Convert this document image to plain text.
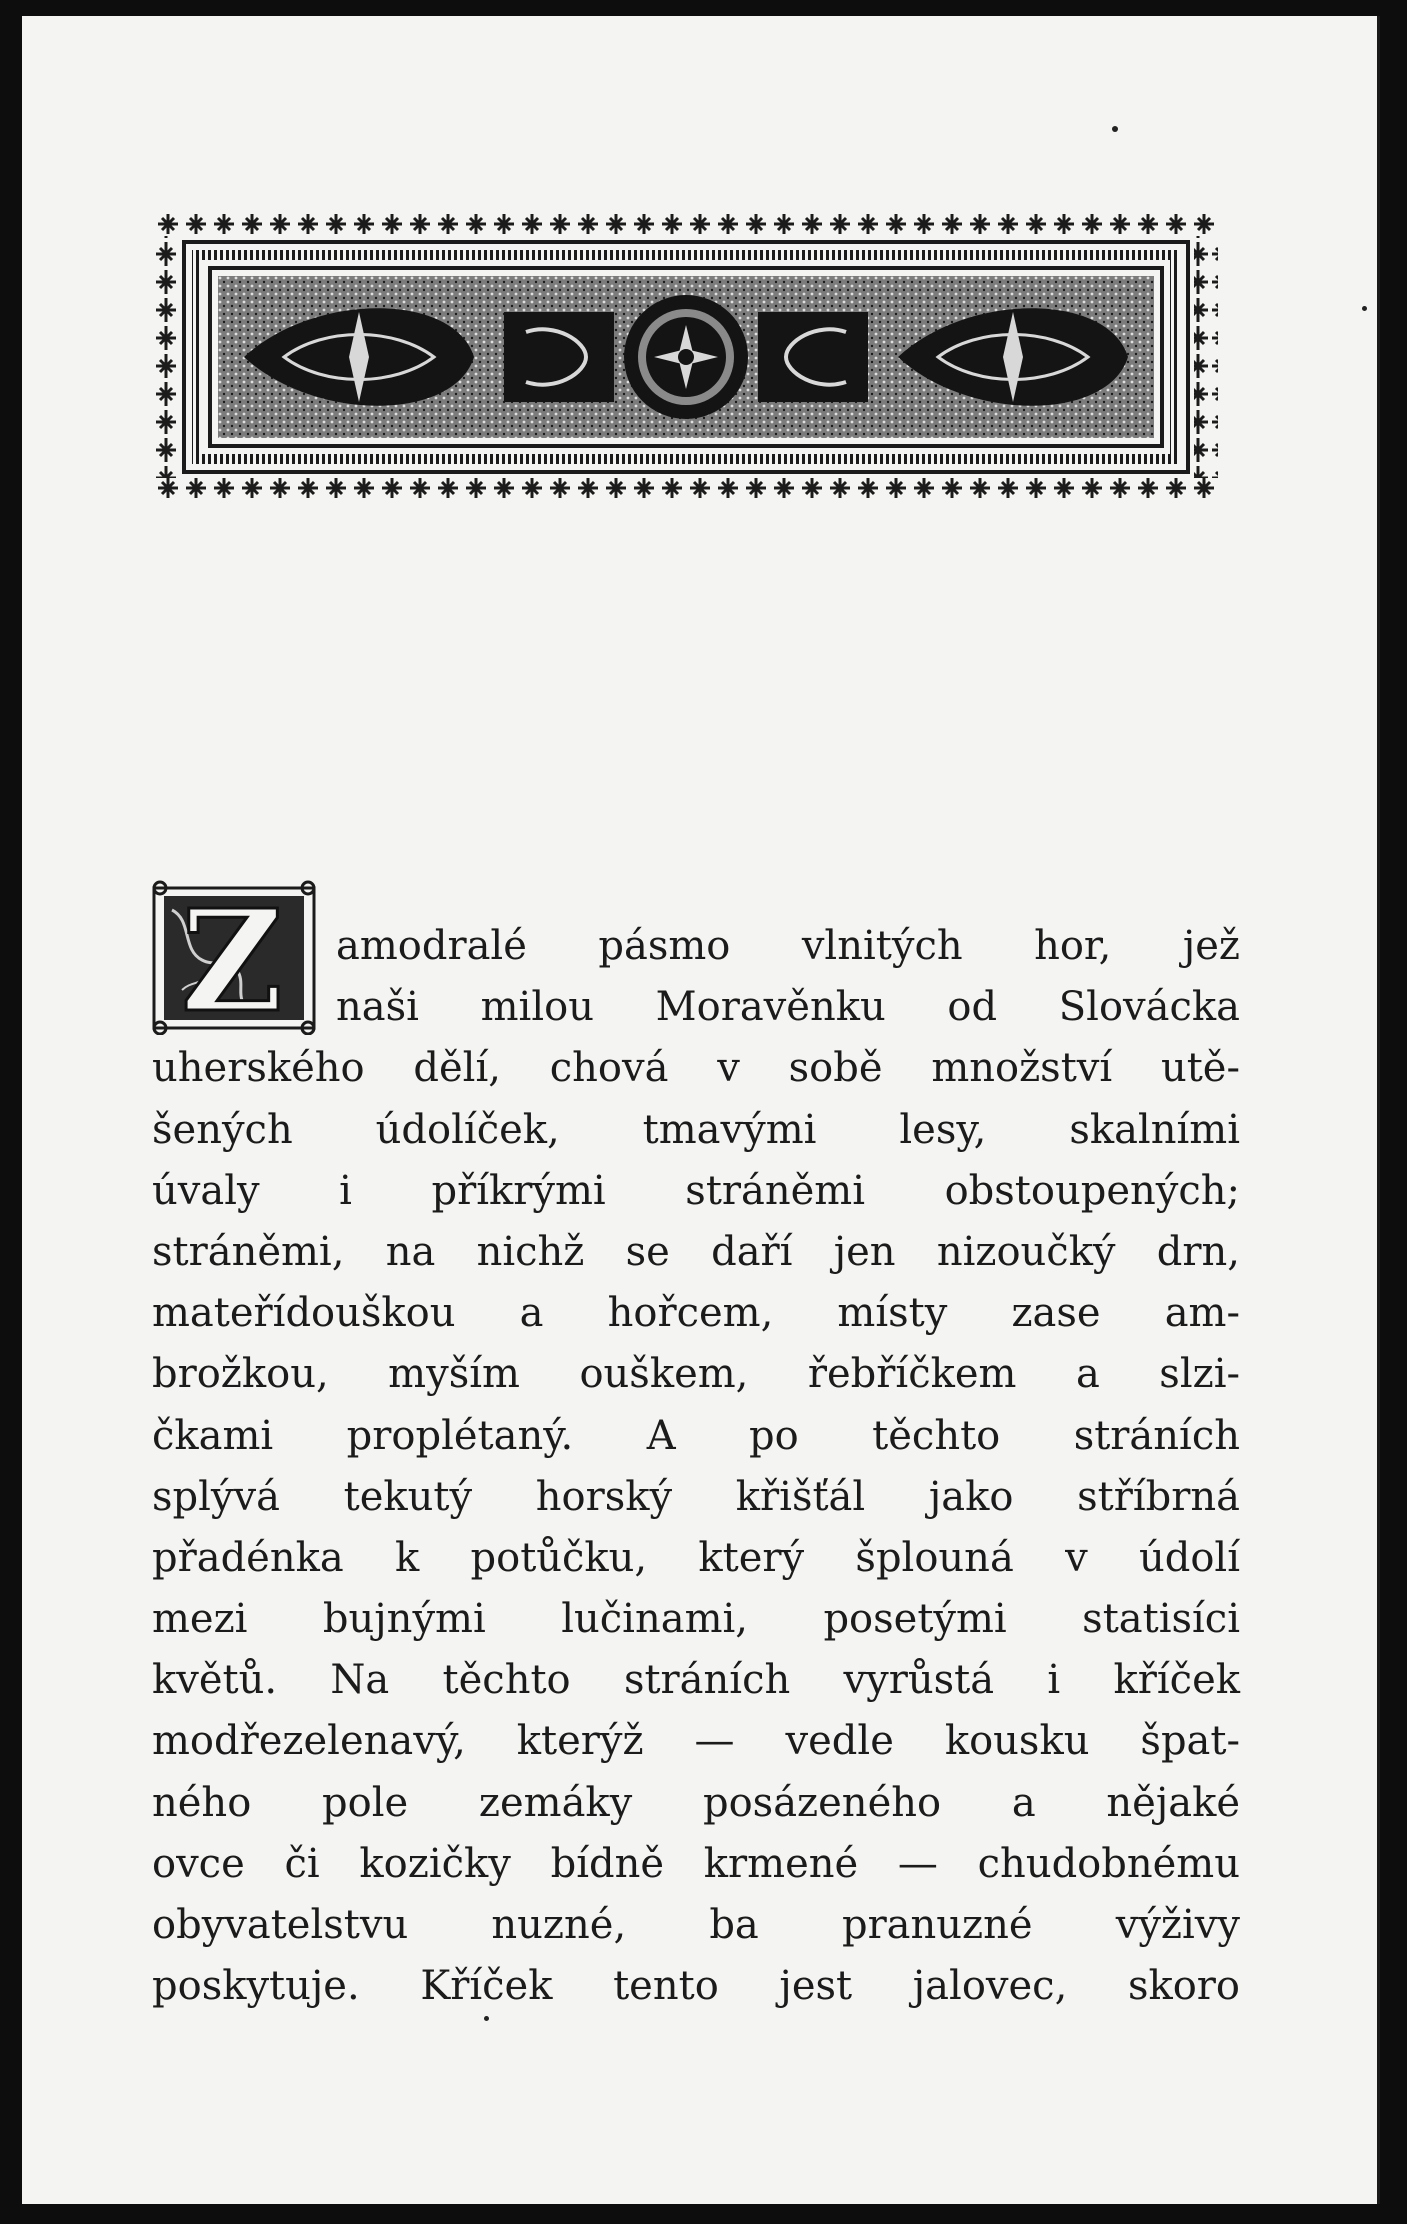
Z	amodralé pásmo vlnitých hor, jež
naši milou Moravěnku od Slovácka
uherského dělí, chová v sobě množství utě-
šených údolíček, tmavými lesy, skalními
úvaly i příkrými stráněmi obstoupených;
stráněmi, na nichž se daří jen nizoučký drn,
mateřídouškou a hořcem, místy zase am-
brožkou, myším ouškem, řebříčkem a slzi-
čkami proplétaný. A po těchto stráních
splývá tekutý horský křišťál jako stříbrná
přadénka k potůčku, který šplouná v údolí
mezi bujnými lučinami, posetými statisíci
květů. Na těchto stráních vyrůstá i kříček
modřezelenavý, kterýž — vedle kousku špat-
ného pole zemáky posázeného a nějaké
ovce či kozičky bídně krmené — chudobnému
obyvatelstvu nuzné, ba pranuzné výživy
poskytuje. Kříček tento jest jalovec, skoro
